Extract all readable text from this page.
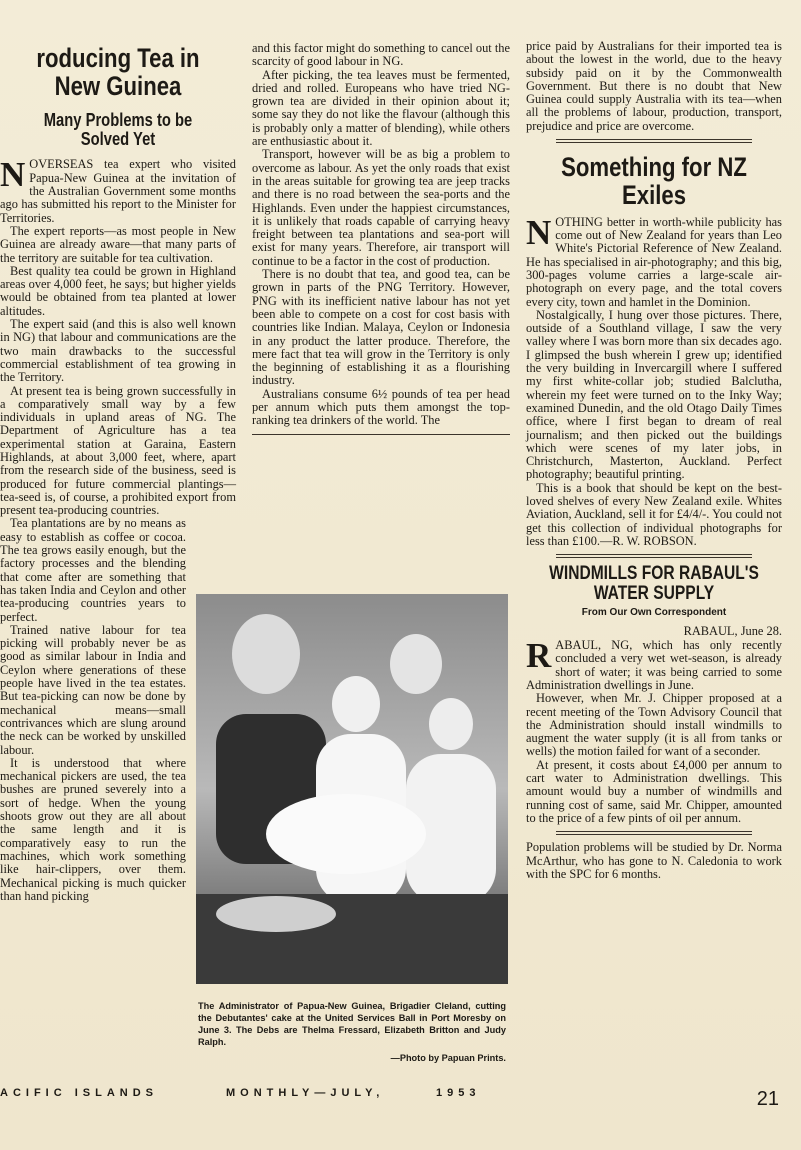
roducing Tea in New Guinea
Many Problems to be Solved Yet

NOVERSEAS tea expert who visited Papua-New Guinea at the invitation of the Australian Government some months ago has submitted his report to the Minister for Territories.

The expert reports—as most people in New Guinea are already aware—that many parts of the territory are suitable for tea cultivation.

Best quality tea could be grown in Highland areas over 4,000 feet, he says; but higher yields would be obtained from tea planted at lower altitudes.

The expert said (and this is also well known in NG) that labour and communications are the two main drawbacks to the successful commercial establishment of tea growing in the Territory.

At present tea is being grown successfully in a comparatively small way by a few individuals in upland areas of NG. The Department of Agriculture has a tea experimental station at Garaina, Eastern Highlands, at about 3,000 feet, where, apart from the research side of the business, seed is produced for future commercial plantings—tea-seed is, of course, a prohibited export from present tea-producing countries.

Tea plantations are by no means as easy to establish as coffee or cocoa. The tea grows easily enough, but the factory processes and the blending that come after are something that has taken India and Ceylon and other tea-producing countries years to perfect.

Trained native labour for tea picking will probably never be as good as similar labour in India and Ceylon where generations of these people have lived in the tea estates. But tea-picking can now be done by mechanical means—small contrivances which are slung around the neck can be worked by unskilled labour.

It is understood that where mechanical pickers are used, the tea bushes are pruned severely into a sort of hedge. When the young shoots grow out they are all about the same length and it is comparatively easy to run the machines, which work something like hair-clippers, over them. Mechanical picking is much quicker than hand picking

and this factor might do something to cancel out the scarcity of good labour in NG.

After picking, the tea leaves must be fermented, dried and rolled. Europeans who have tried NG-grown tea are divided in their opinion about it; some say they do not like the flavour (although this is probably only a matter of blending), while others are enthusiastic about it.

Transport, however will be as big a problem to overcome as labour. As yet the only roads that exist in the areas suitable for growing tea are jeep tracks and there is no road between the sea-ports and the Highlands. Even under the happiest circumstances, it is unlikely that roads capable of carrying heavy freight between tea plantations and sea-port will exist for many years. Therefore, air transport will continue to be a factor in the cost of production.

There is no doubt that tea, and good tea, can be grown in parts of the PNG Territory. However, PNG with its inefficient native labour has not yet been able to compete on a cost for cost basis with countries like Indian. Malaya, Ceylon or Indonesia in any product the latter produce. Therefore, the mere fact that tea will grow in the Territory is only the beginning of establishing it as a flourishing industry.

Australians consume 6½ pounds of tea per head per annum which puts them amongst the top-ranking tea drinkers of the world. The

The Administrator of Papua-New Guinea, Brigadier Cleland, cutting the Debutantes' cake at the United Services Ball in Port Moresby on June 3. The Debs are Thelma Fressard, Elizabeth Britton and Judy Ralph.
—Photo by Papuan Prints.

price paid by Australians for their imported tea is about the lowest in the world, due to the heavy subsidy paid on it by the Commonwealth Government. But there is no doubt that New Guinea could supply Australia with its tea—when all the problems of labour, production, transport, prejudice and price are overcome.

Something for NZ Exiles

NOTHING better in worth-while publicity has come out of New Zealand for years than Leo White's Pictorial Reference of New Zealand. He has specialised in air-photography; and this big, 300-pages volume carries a large-scale air-photograph on every page, and the total covers every city, town and hamlet in the Dominion.

Nostalgically, I hung over those pictures. There, outside of a Southland village, I saw the very valley where I was born more than six decades ago. I glimpsed the bush wherein I grew up; identified the very building in Invercargill where I suffered my first white-collar job; studied Balclutha, wherein my feet were turned on to the Inky Way; examined Dunedin, and the old Otago Daily Times office, where I first began to dream of real journalism; and then picked out the buildings which were scenes of my later jobs, in Christchurch, Masterton, Auckland. Perfect photography; beautiful printing.

This is a book that should be kept on the best-loved shelves of every New Zealand exile. Whites Aviation, Auckland, sell it for £4/4/-. You could not get this collection of individual photographs for less than £100.—R. W. ROBSON.

WINDMILLS FOR RABAUL'S WATER SUPPLY
From Our Own Correspondent
RABAUL, June 28.

RABAUL, NG, which has only recently concluded a very wet wet-season, is already short of water; it was being carried to some Administration dwellings in June.

However, when Mr. J. Chipper proposed at a recent meeting of the Town Advisory Council that the Administration should install windmills to augment the water supply (it is all from tanks or wells) the motion failed for want of a seconder.

At present, it costs about £4,000 per annum to cart water to Administration dwellings. This amount would buy a number of windmills and running cost of same, said Mr. Chipper, amounted to the price of a few pints of oil per annum.

Population problems will be studied by Dr. Norma McArthur, who has gone to N. Caledonia to work with the SPC for 6 months.

ACIFIC ISLANDS	MONTHLY—JULY,	1953	21
